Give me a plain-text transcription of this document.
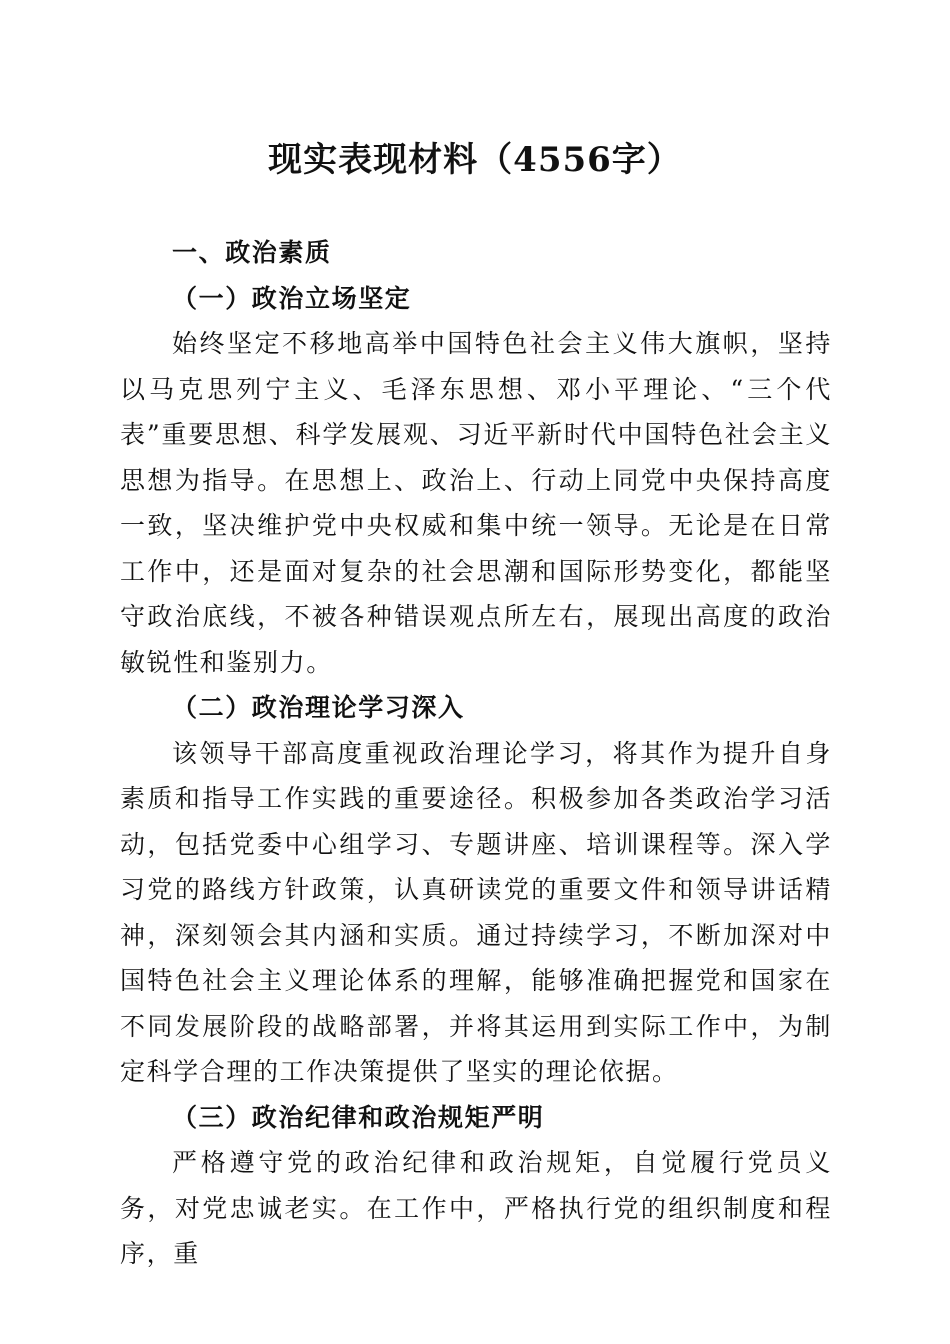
现实表现材料（4556字）

一、政治素质

（一）政治立场坚定

始终坚定不移地高举中国特色社会主义伟大旗帜，坚持以马克思列宁主义、毛泽东思想、邓小平理论、“三个代表”重要思想、科学发展观、习近平新时代中国特色社会主义思想为指导。在思想上、政治上、行动上同党中央保持高度一致，坚决维护党中央权威和集中统一领导。无论是在日常工作中，还是面对复杂的社会思潮和国际形势变化，都能坚守政治底线，不被各种错误观点所左右，展现出高度的政治敏锐性和鉴别力。

（二）政治理论学习深入

该领导干部高度重视政治理论学习，将其作为提升自身素质和指导工作实践的重要途径。积极参加各类政治学习活动，包括党委中心组学习、专题讲座、培训课程等。深入学习党的路线方针政策，认真研读党的重要文件和领导讲话精神，深刻领会其内涵和实质。通过持续学习，不断加深对中国特色社会主义理论体系的理解，能够准确把握党和国家在不同发展阶段的战略部署，并将其运用到实际工作中，为制定科学合理的工作决策提供了坚实的理论依据。

（三）政治纪律和政治规矩严明

严格遵守党的政治纪律和政治规矩，自觉履行党员义务，对党忠诚老实。在工作中，严格执行党的组织制度和程序，重
